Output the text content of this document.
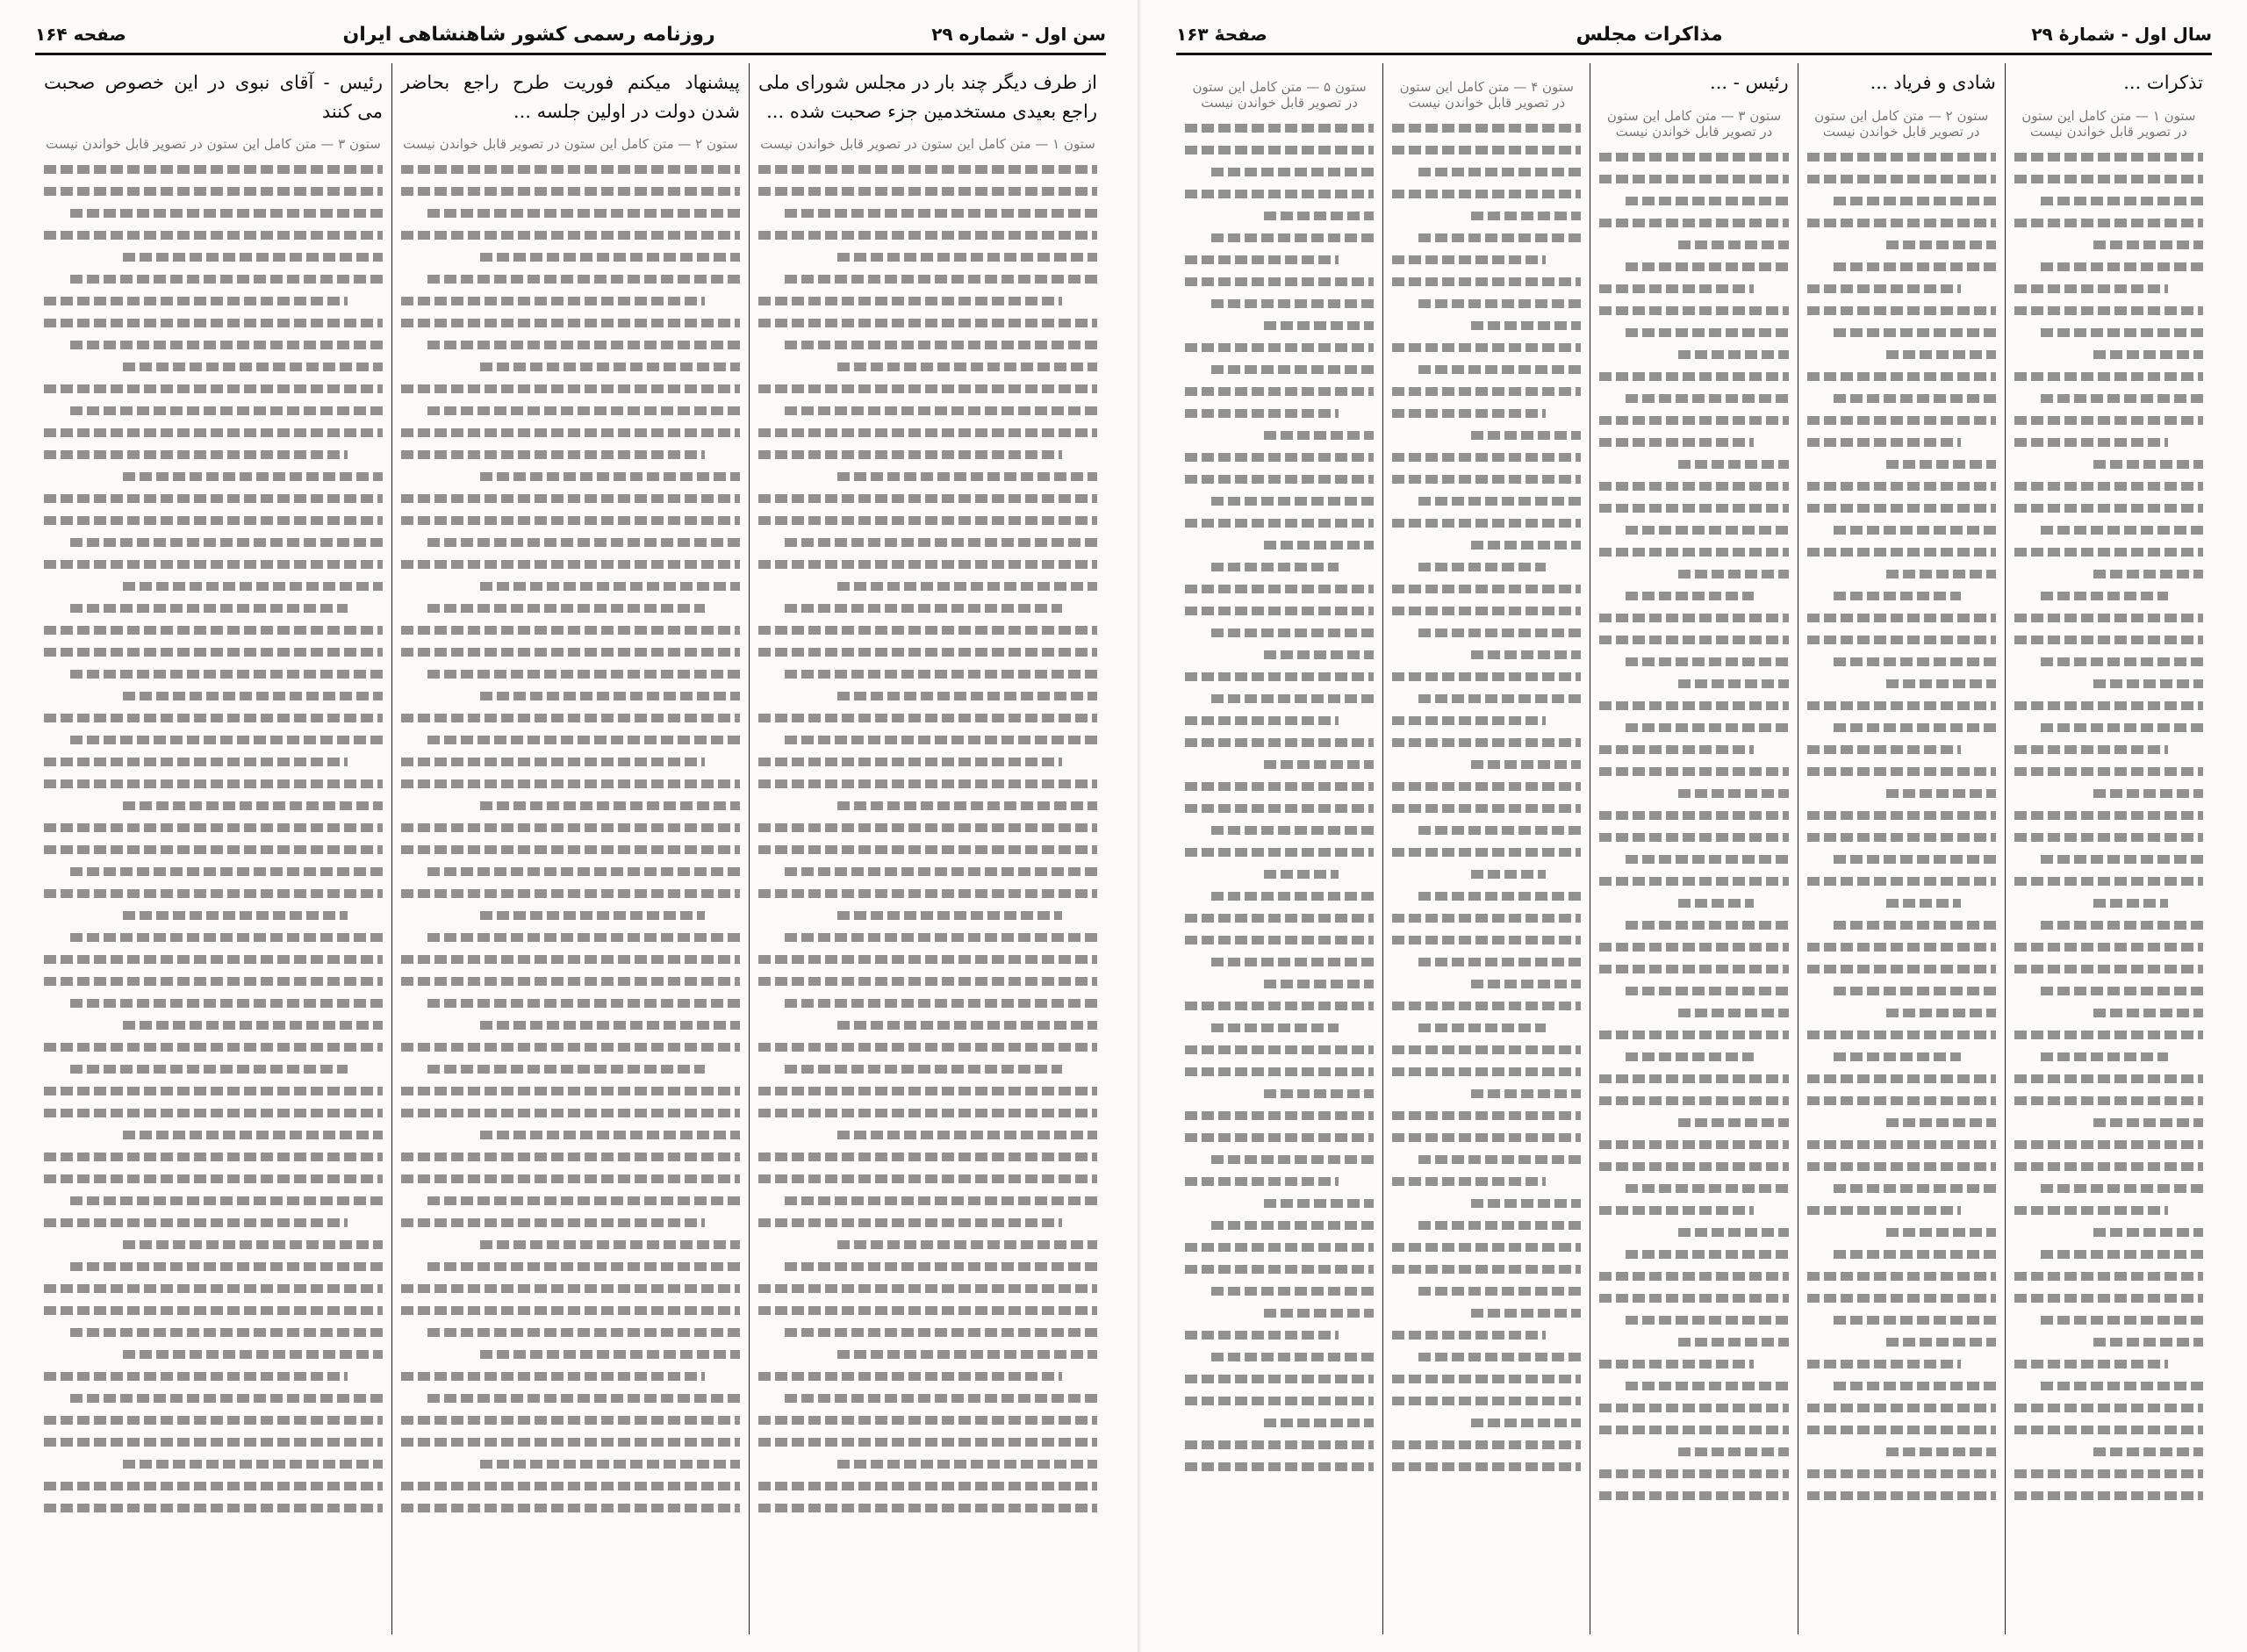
سن اول - شماره ۲۹
روزنامه رسمی کشور شاهنشاهی ایران
صفحه ۱۶۴
از طرف دیگر چند بار در مجلس شورای ملی راجع بعیدی مستخدمین جزء صحبت شده ...
ستون ۱ — متن کامل این ستون در تصویر قابل خواندن نیست
پیشنهاد میکنم فوریت طرح راجع بحاضر شدن دولت در اولین جلسه ...
ستون ۲ — متن کامل این ستون در تصویر قابل خواندن نیست
رئیس - آقای نبوی در این خصوص صحبت می کنند
ستون ۳ — متن کامل این ستون در تصویر قابل خواندن نیست
سال اول - شمارهٔ ۲۹
مذاکرات مجلس
صفحهٔ ۱۶۳
تذکرات ...
ستون ۱ — متن کامل این ستون در تصویر قابل خواندن نیست
شادی و فریاد ...
ستون ۲ — متن کامل این ستون در تصویر قابل خواندن نیست
رئیس - ...
ستون ۳ — متن کامل این ستون در تصویر قابل خواندن نیست
ستون ۴ — متن کامل این ستون در تصویر قابل خواندن نیست
ستون ۵ — متن کامل این ستون در تصویر قابل خواندن نیست
